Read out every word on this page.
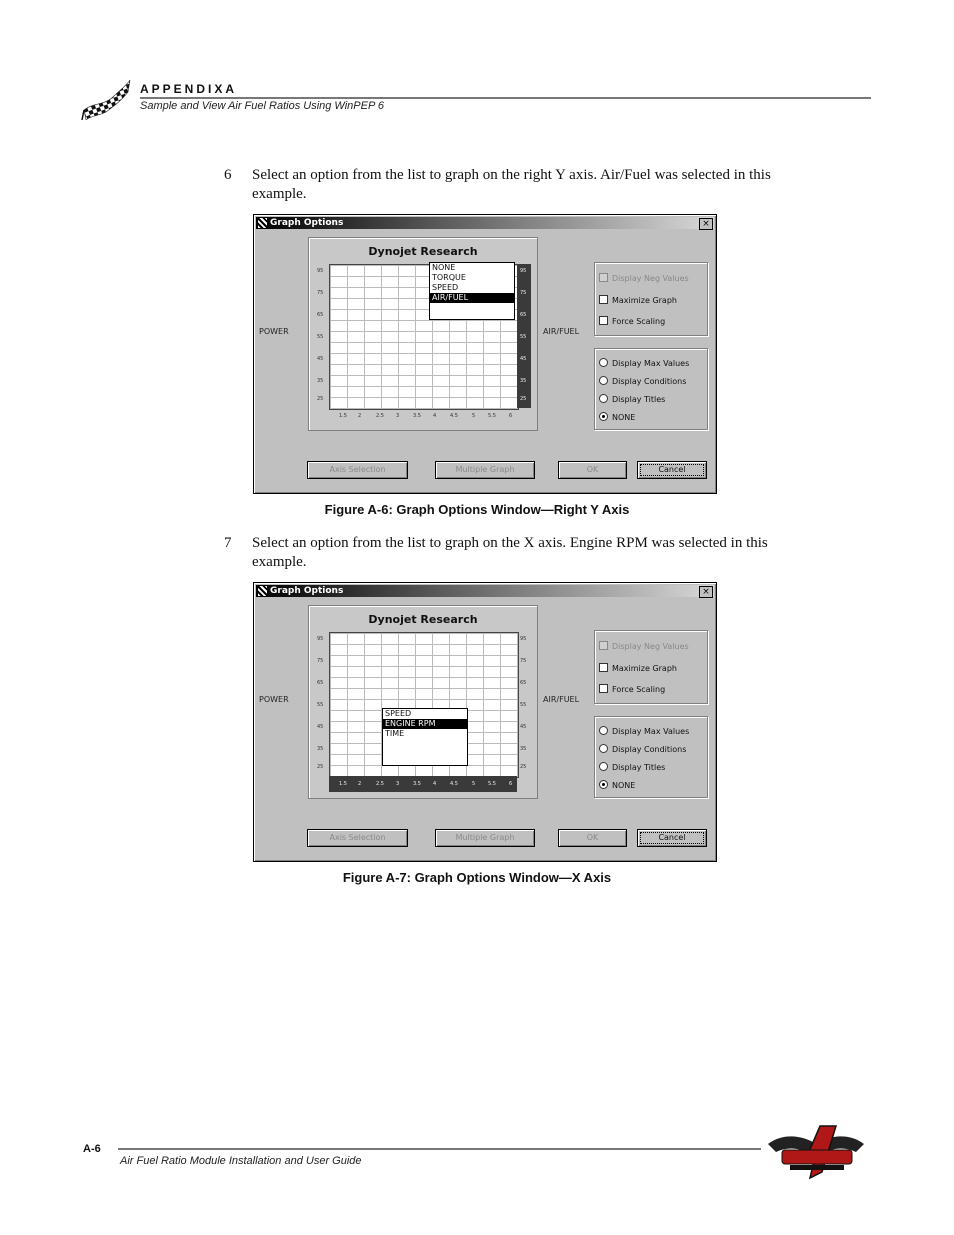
APPENDIXA
Sample and View Air Fuel Ratios Using WinPEP 6
6 Select an option from the list to graph on the right Y axis. Air/Fuel was selected in this example.
Graph Options	×
POWER
Dynojet Research
95
75
65
55
45
35
25
95
75
65
55
45
35
25
1.5 2	2.5 3	3.5 4	4.5	5	5.5	6
NONE
TORQUE
SPEED
AIR/FUEL
AIR/FUEL
Display Neg Values
Maximize Graph
Force Scaling
Display Max Values
Display Conditions
Display Titles
NONE
Axis Selection	Multiple Graph	OK	Cancel
Figure A-6: Graph Options Window—Right Y Axis
7 Select an option from the list to graph on the X axis. Engine RPM was selected in this example.
Graph Options	×
POWER
Dynojet Research
95
75
65
55
45
35
25
95
75
65
55
45
35
25
1.5 2	2.5 3	3.5 4	4.5	5	5.5	6
SPEED
ENGINE RPM
TIME
AIR/FUEL
Display Neg Values
Maximize Graph
Force Scaling
Display Max Values
Display Conditions
Display Titles
NONE
Axis Selection	Multiple Graph	OK	Cancel
Figure A-7: Graph Options Window—X Axis
A-6
Air Fuel Ratio Module Installation and User Guide
